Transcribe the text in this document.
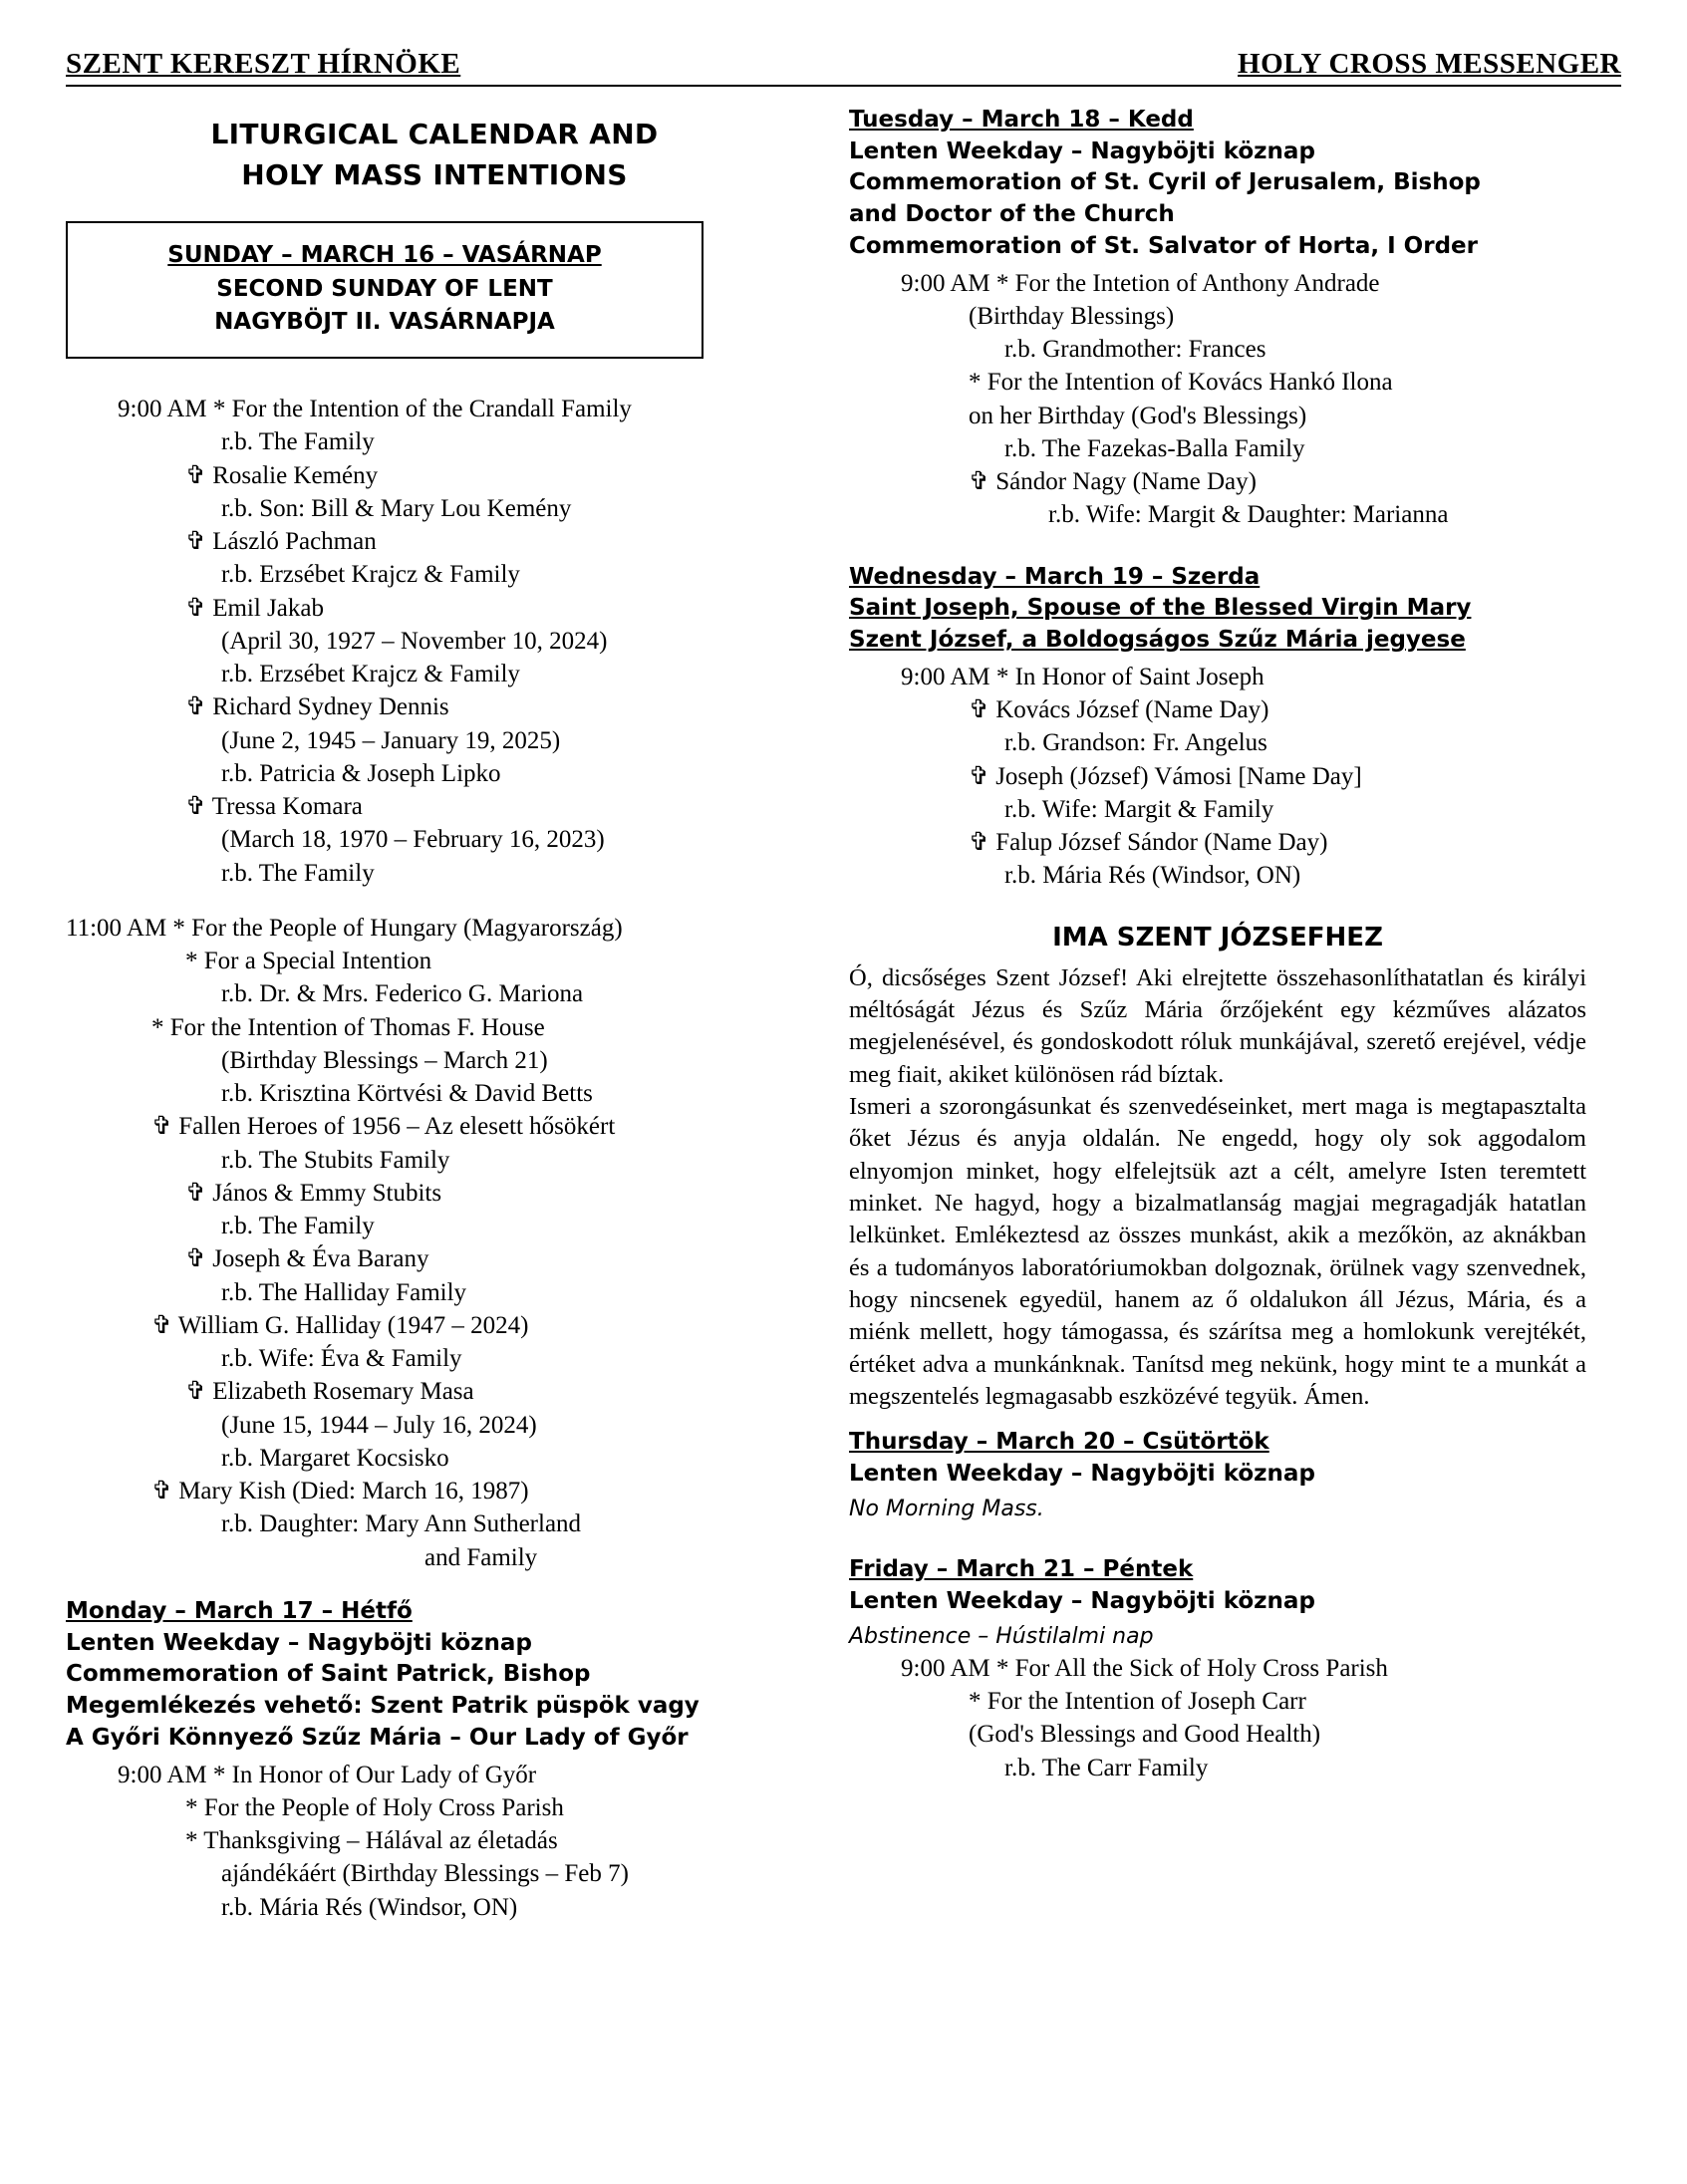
SZENT KERESZT HÍRNÖKE	HOLY CROSS MESSENGER
LITURGICAL CALENDAR AND
HOLY MASS INTENTIONS
SUNDAY – MARCH 16 – VASÁRNAP
SECOND SUNDAY OF LENT
NAGYBÖJT II. VASÁRNAPJA
9:00 AM * For the Intention of the Crandall Family
r.b. The Family
✞ Rosalie Kemény
r.b. Son: Bill & Mary Lou Kemény
✞ László Pachman
r.b. Erzsébet Krajcz & Family
✞ Emil Jakab
(April 30, 1927 – November 10, 2024)
r.b. Erzsébet Krajcz & Family
✞ Richard Sydney Dennis
(June 2, 1945 – January 19, 2025)
r.b. Patricia & Joseph Lipko
✞ Tressa Komara
(March 18, 1970 – February 16, 2023)
r.b. The Family
11:00 AM * For the People of Hungary (Magyarország)
* For a Special Intention
r.b. Dr. & Mrs. Federico G. Mariona
* For the Intention of Thomas F. House
(Birthday Blessings – March 21)
r.b. Krisztina Körtvési & David Betts
✞ Fallen Heroes of 1956 – Az elesett hősökért
r.b. The Stubits Family
✞ János & Emmy Stubits
r.b. The Family
✞ Joseph & Éva Barany
r.b. The Halliday Family
✞ William G. Halliday (1947 – 2024)
r.b. Wife: Éva & Family
✞ Elizabeth Rosemary Masa
(June 15, 1944 – July 16, 2024)
r.b. Margaret Kocsisko
✞ Mary Kish (Died: March 16, 1987)
r.b. Daughter: Mary Ann Sutherland
and Family
Monday – March 17 – Hétfő
Lenten Weekday – Nagyböjti köznap
Commemoration of Saint Patrick, Bishop
Megemlékezés vehető: Szent Patrik püspök vagy
A Győri Könnyező Szűz Mária – Our Lady of Győr
9:00 AM * In Honor of Our Lady of Győr
* For the People of Holy Cross Parish
* Thanksgiving – Hálával az életadás
ajándékáért (Birthday Blessings – Feb 7)
r.b. Mária Rés (Windsor, ON)
Tuesday – March 18 – Kedd
Lenten Weekday – Nagyböjti köznap
Commemoration of St. Cyril of Jerusalem, Bishop
and Doctor of the Church
Commemoration of St. Salvator of Horta, I Order
9:00 AM * For the Intetion of Anthony Andrade
(Birthday Blessings)
r.b. Grandmother: Frances
* For the Intention of Kovács Hankó Ilona
on her Birthday (God's Blessings)
r.b. The Fazekas-Balla Family
✞ Sándor Nagy (Name Day)
r.b. Wife: Margit & Daughter: Marianna
Wednesday – March 19 – Szerda
Saint Joseph, Spouse of the Blessed Virgin Mary
Szent József, a Boldogságos Szűz Mária jegyese
9:00 AM * In Honor of Saint Joseph
✞ Kovács József (Name Day)
r.b. Grandson: Fr. Angelus
✞ Joseph (József) Vámosi [Name Day]
r.b. Wife: Margit & Family
✞ Falup József Sándor (Name Day)
r.b. Mária Rés (Windsor, ON)
IMA SZENT JÓZSEFHEZ

Ó, dicsőséges Szent József! Aki elrejtette összehasonlíthatatlan és királyi méltóságát Jézus és Szűz Mária őrzőjeként egy kézműves alázatos megjelenésével, és gondoskodott róluk munkájával, szerető erejével, védje meg fiait, akiket különösen rád bíztak.

Ismeri a szorongásunkat és szenvedéseinket, mert maga is megtapasztalta őket Jézus és anyja oldalán. Ne engedd, hogy oly sok aggodalom elnyomjon minket, hogy elfelejtsük azt a célt, amelyre Isten teremtett minket. Ne hagyd, hogy a bizalmatlanság magjai megragadják hatatlan lelkünket. Emlékeztesd az összes munkást, akik a mezőkön, az aknákban és a tudományos laboratóriumokban dolgoznak, örülnek vagy szenvednek, hogy nincsenek egyedül, hanem az ő oldalukon áll Jézus, Mária, és a miénk mellett, hogy támogassa, és szárítsa meg a homlokunk verejtékét, értéket adva a munkánknak. Tanítsd meg nekünk, hogy mint te a munkát a megszentelés legmagasabb eszközévé tegyük. Ámen.

Thursday – March 20 – Csütörtök
Lenten Weekday – Nagyböjti köznap
No Morning Mass.
Friday – March 21 – Péntek
Lenten Weekday – Nagyböjti köznap
Abstinence – Hústilalmi nap
9:00 AM * For All the Sick of Holy Cross Parish
* For the Intention of Joseph Carr
(God's Blessings and Good Health)
r.b. The Carr Family
